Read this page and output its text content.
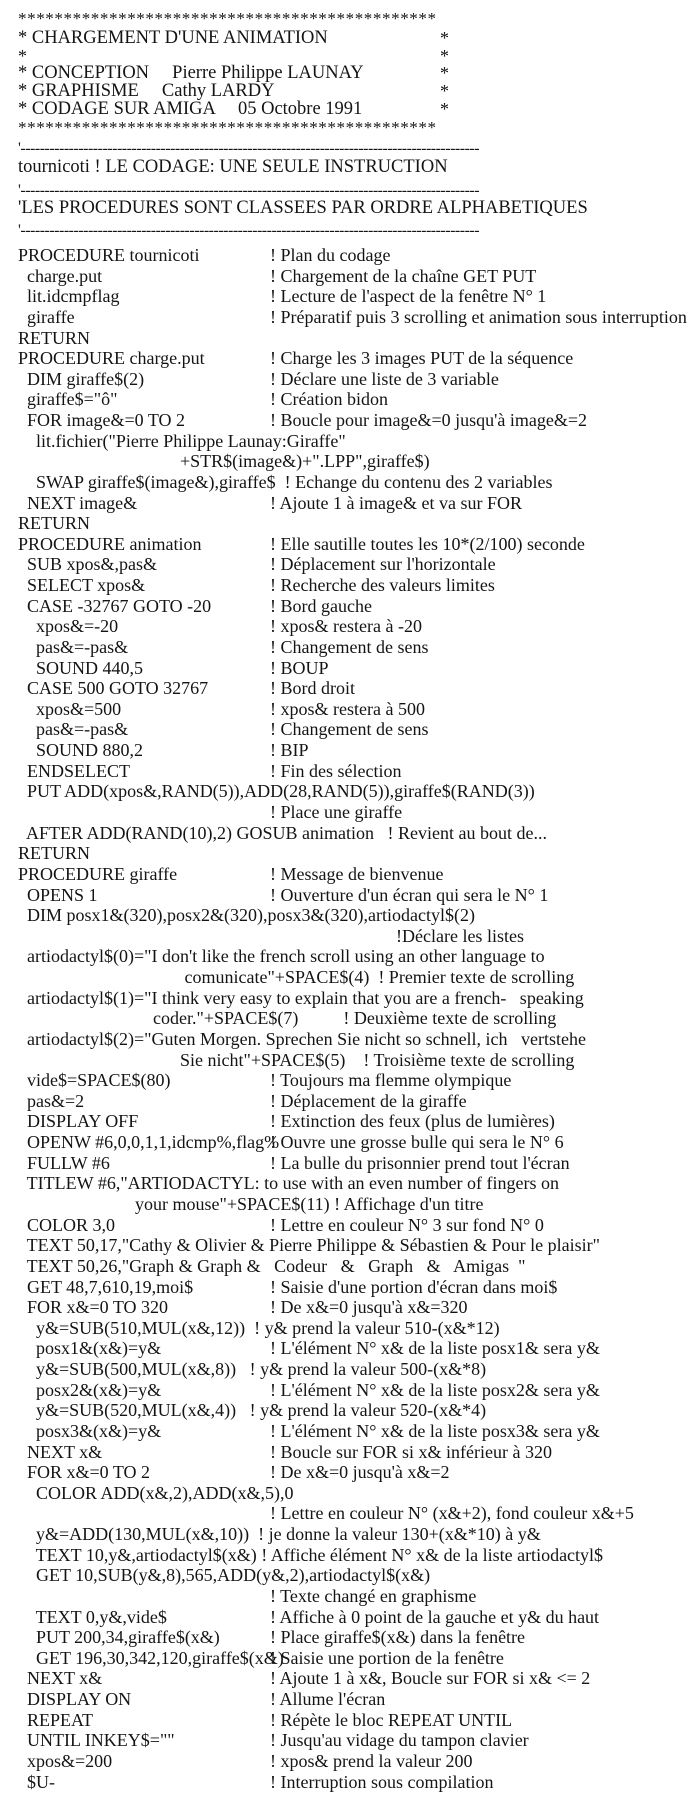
**********************************************
* CHARGEMENT D'UNE ANIMATION	*
*	*
* CONCEPTION     Pierre Philippe LAUNAY	*
* GRAPHISME     Cathy LARDY	*
* CODAGE SUR AMIGA     05 Octobre 1991	*
**********************************************
'-----------------------------------------------------------------------------------------------
tournicoti ! LE CODAGE: UNE SEULE INSTRUCTION
'-----------------------------------------------------------------------------------------------
'LES PROCEDURES SONT CLASSEES PAR ORDRE ALPHABETIQUES
'-----------------------------------------------------------------------------------------------
PROCEDURE tournicoti	! Plan du codage
charge.put	! Chargement de la chaîne GET PUT
lit.idcmpflag	! Lecture de l'aspect de la fenêtre N° 1
giraffe	! Préparatif puis 3 scrolling et animation sous interruption
RETURN
PROCEDURE charge.put	! Charge les 3 images PUT de la séquence
DIM giraffe$(2)	! Déclare une liste de 3 variable
giraffe$="ô"	! Création bidon
FOR image&=0 TO 2	! Boucle pour image&=0 jusqu'à image&=2
lit.fichier("Pierre Philippe Launay:Giraffe"
+STR$(image&)+".LPP",giraffe$)
SWAP giraffe$(image&),giraffe$  ! Echange du contenu des 2 variables
NEXT image&	! Ajoute 1 à image& et va sur FOR
RETURN
PROCEDURE animation	! Elle sautille toutes les 10*(2/100) seconde
SUB xpos&,pas&	! Déplacement sur l'horizontale
SELECT xpos&	! Recherche des valeurs limites
CASE -32767 GOTO -20	! Bord gauche
xpos&=-20	! xpos& restera à -20
pas&=-pas&	! Changement de sens
SOUND 440,5	! BOUP
CASE 500 GOTO 32767	! Bord droit
xpos&=500	! xpos& restera à 500
pas&=-pas&	! Changement de sens
SOUND 880,2	! BIP
ENDSELECT	! Fin des sélection
PUT ADD(xpos&,RAND(5)),ADD(28,RAND(5)),giraffe$(RAND(3))
! Place une giraffe
AFTER ADD(RAND(10),2) GOSUB animation   ! Revient au bout de...
RETURN
PROCEDURE giraffe	! Message de bienvenue
OPENS 1	! Ouverture d'un écran qui sera le N° 1
DIM posx1&(320),posx2&(320),posx3&(320),artiodactyl$(2)
!Déclare les listes
artiodactyl$(0)="I don't like the french scroll using an other language to
comunicate"+SPACE$(4)  ! Premier texte de scrolling
artiodactyl$(1)="I think very easy to explain that you are a french-   speaking
coder."+SPACE$(7)          ! Deuxième texte de scrolling
artiodactyl$(2)="Guten Morgen. Sprechen Sie nicht so schnell, ich   vertstehe
Sie nicht"+SPACE$(5)    ! Troisième texte de scrolling
vide$=SPACE$(80)	! Toujours ma flemme olympique
pas&=2	! Déplacement de la giraffe
DISPLAY OFF	! Extinction des feux (plus de lumières)
OPENW #6,0,0,1,1,idcmp%,flag%
! Ouvre une grosse bulle qui sera le N° 6
FULLW #6	! La bulle du prisonnier prend tout l'écran
TITLEW #6,"ARTIODACTYL: to use with an even number of fingers on
your mouse"+SPACE$(11) ! Affichage d'un titre
COLOR 3,0	! Lettre en couleur N° 3 sur fond N° 0
TEXT 50,17,"Cathy & Olivier & Pierre Philippe & Sébastien & Pour le plaisir"
TEXT 50,26,"Graph & Graph &   Codeur   &   Graph   &   Amigas  "
GET 48,7,610,19,moi$	! Saisie d'une portion d'écran dans moi$
FOR x&=0 TO 320	! De x&=0 jusqu'à x&=320
y&=SUB(510,MUL(x&,12))  ! y& prend la valeur 510-(x&*12)
posx1&(x&)=y&	! L'élément N° x& de la liste posx1& sera y&
y&=SUB(500,MUL(x&,8))   ! y& prend la valeur 500-(x&*8)
posx2&(x&)=y&	! L'élément N° x& de la liste posx2& sera y&
y&=SUB(520,MUL(x&,4))   ! y& prend la valeur 520-(x&*4)
posx3&(x&)=y&	! L'élément N° x& de la liste posx3& sera y&
NEXT x&	! Boucle sur FOR si x& inférieur à 320
FOR x&=0 TO 2	! De x&=0 jusqu'à x&=2
COLOR ADD(x&,2),ADD(x&,5),0
! Lettre en couleur N° (x&+2), fond couleur x&+5
y&=ADD(130,MUL(x&,10))  ! je donne la valeur 130+(x&*10) à y&
TEXT 10,y&,artiodactyl$(x&) ! Affiche élément N° x& de la liste artiodactyl$
GET 10,SUB(y&,8),565,ADD(y&,2),artiodactyl$(x&)
! Texte changé en graphisme
TEXT 0,y&,vide$	! Affiche à 0 point de la gauche et y& du haut
PUT 200,34,giraffe$(x&)	! Place giraffe$(x&) dans la fenêtre
GET 196,30,342,120,giraffe$(x&)
! Saisie une portion de la fenêtre
NEXT x&	! Ajoute 1 à x&, Boucle sur FOR si x& <= 2
DISPLAY ON	! Allume l'écran
REPEAT	! Répète le bloc REPEAT UNTIL
UNTIL INKEY$=""	! Jusqu'au vidage du tampon clavier
xpos&=200	! xpos& prend la valeur 200
$U-	! Interruption sous compilation
